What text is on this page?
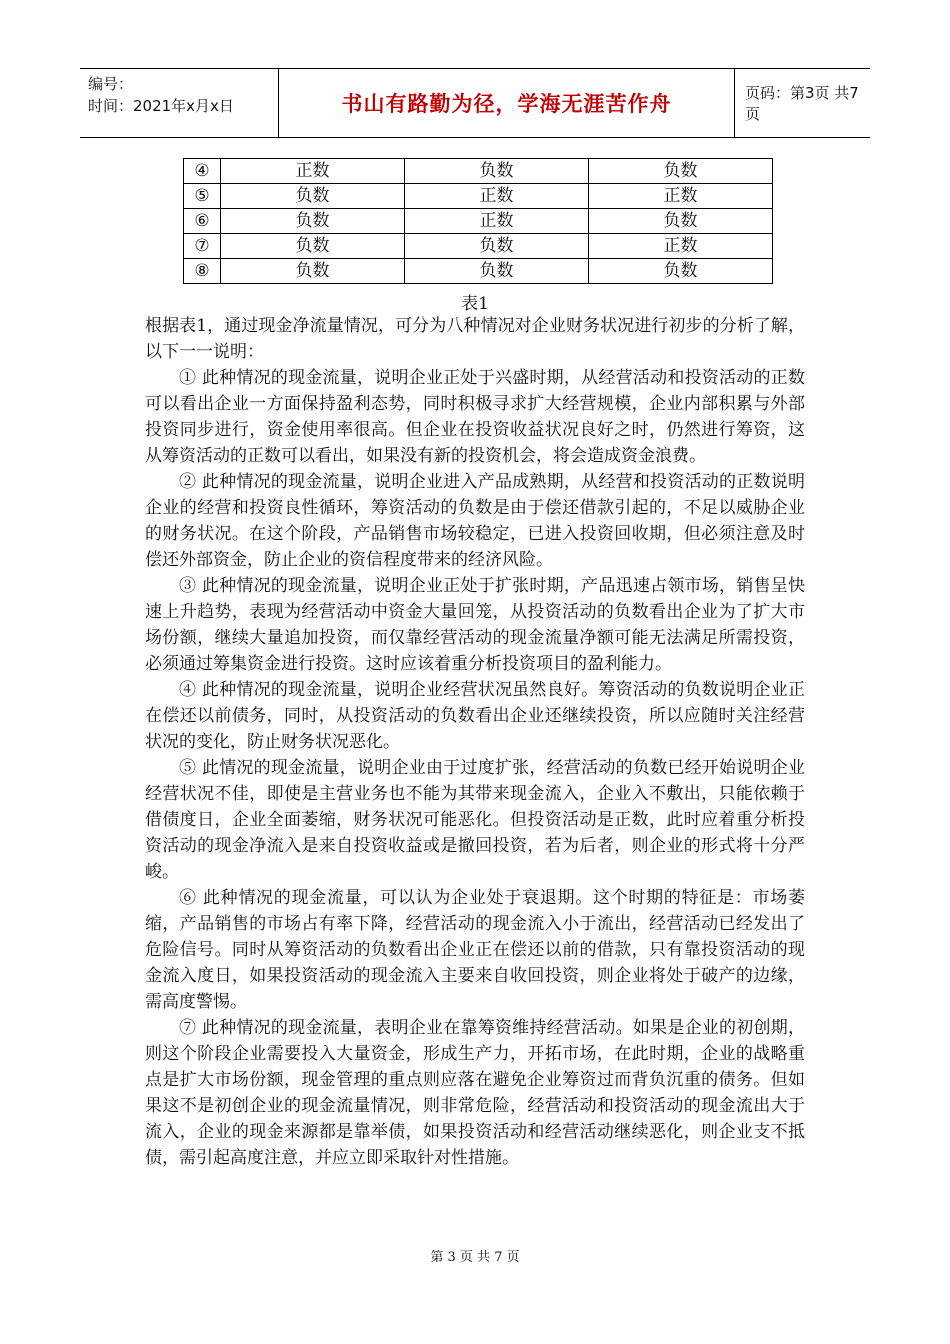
编号：
时间：2021年x月x日	书山有路勤为径，学海无涯苦作舟	页码：第3页 共7页
④	正数	负数	负数
⑤	负数	正数	正数
⑥	负数	正数	负数
⑦	负数	负数	正数
⑧	负数	负数	负数
表1

根据表1，通过现金净流量情况，可分为八种情况对企业财务状况进行初步的分析了解，以下一一说明：

① 此种情况的现金流量，说明企业正处于兴盛时期，从经营活动和投资活动的正数可以看出企业一方面保持盈利态势，同时积极寻求扩大经营规模，企业内部积累与外部投资同步进行，资金使用率很高。但企业在投资收益状况良好之时，仍然进行筹资，这从筹资活动的正数可以看出，如果没有新的投资机会，将会造成资金浪费。

② 此种情况的现金流量，说明企业进入产品成熟期，从经营和投资活动的正数说明企业的经营和投资良性循环，筹资活动的负数是由于偿还借款引起的，不足以威胁企业的财务状况。在这个阶段，产品销售市场较稳定，已进入投资回收期，但必须注意及时偿还外部资金，防止企业的资信程度带来的经济风险。

③ 此种情况的现金流量，说明企业正处于扩张时期，产品迅速占领市场，销售呈快速上升趋势，表现为经营活动中资金大量回笼，从投资活动的负数看出企业为了扩大市场份额，继续大量追加投资，而仅靠经营活动的现金流量净额可能无法满足所需投资，必须通过筹集资金进行投资。这时应该着重分析投资项目的盈利能力。

④ 此种情况的现金流量，说明企业经营状况虽然良好。筹资活动的负数说明企业正在偿还以前债务，同时，从投资活动的负数看出企业还继续投资，所以应随时关注经营状况的变化，防止财务状况恶化。

⑤ 此情况的现金流量，说明企业由于过度扩张，经营活动的负数已经开始说明企业经营状况不佳，即使是主营业务也不能为其带来现金流入，企业入不敷出，只能依赖于借债度日，企业全面萎缩，财务状况可能恶化。但投资活动是正数，此时应着重分析投资活动的现金净流入是来自投资收益或是撤回投资，若为后者，则企业的形式将十分严峻。

⑥ 此种情况的现金流量，可以认为企业处于衰退期。这个时期的特征是：市场萎缩，产品销售的市场占有率下降，经营活动的现金流入小于流出，经营活动已经发出了危险信号。同时从筹资活动的负数看出企业正在偿还以前的借款，只有靠投资活动的现金流入度日，如果投资活动的现金流入主要来自收回投资，则企业将处于破产的边缘，需高度警惕。

⑦ 此种情况的现金流量，表明企业在靠筹资维持经营活动。如果是企业的初创期，则这个阶段企业需要投入大量资金，形成生产力，开拓市场，在此时期，企业的战略重点是扩大市场份额，现金管理的重点则应落在避免企业筹资过而背负沉重的债务。但如果这不是初创企业的现金流量情况，则非常危险，经营活动和投资活动的现金流出大于流入，企业的现金来源都是靠举债，如果投资活动和经营活动继续恶化，则企业支不抵债，需引起高度注意，并应立即采取针对性措施。

第 3 页 共 7 页
